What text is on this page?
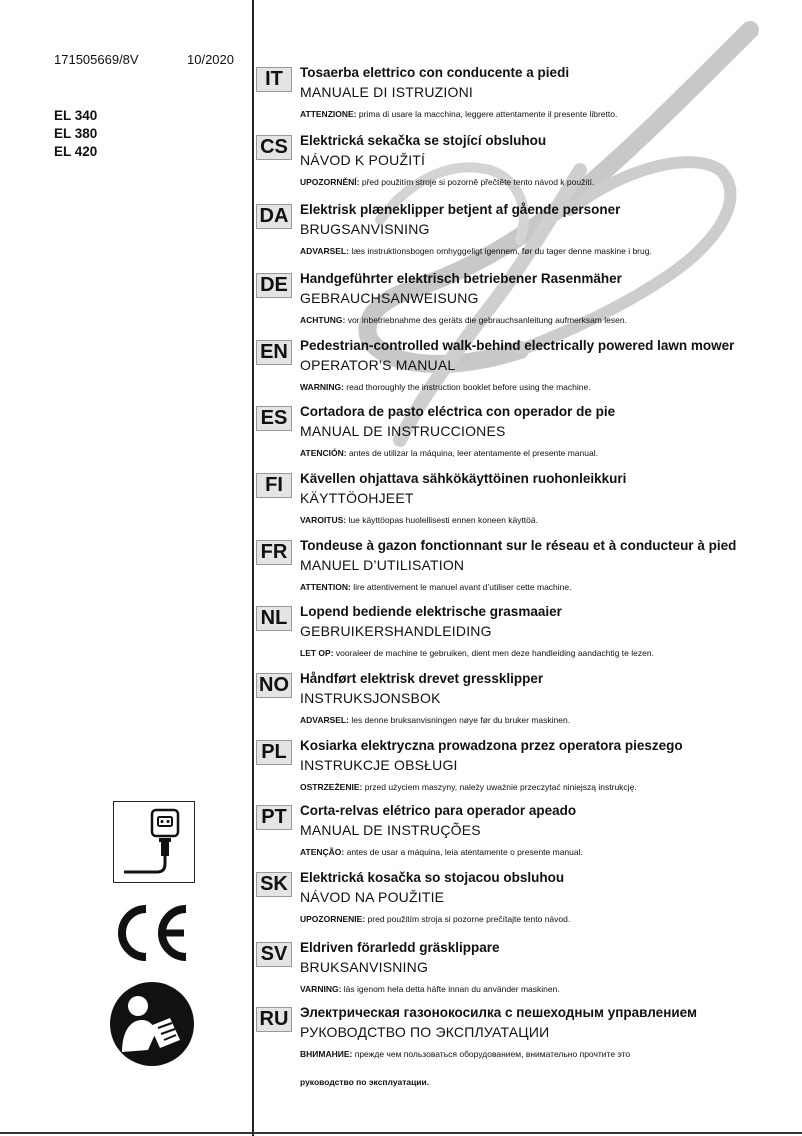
171505669/8V	10/2020
EL 340
EL 380
EL 420
IT	Tosaerba elettrico con conducente a piedi
MANUALE DI ISTRUZIONI
ATTENZIONE: prima di usare la macchina, leggere attentamente il presente libretto.
CS Elektrická sekačka se stojící obsluhou
NÁVOD K POUŽITÍ
UPOZORNĚNÍ: před použitím stroje si pozorně přečtěte tento návod k použití.
DA Elektrisk plæneklipper betjent af gående personer
BRUGSANVISNING
ADVARSEL: læs instruktionsbogen omhyggeligt igennem, før du tager denne maskine i brug.
DE Handgeführter elektrisch betriebener Rasenmäher
GEBRAUCHSANWEISUNG
ACHTUNG: vor inbetriebnahme des geräts die gebrauchsanleitung aufmerksam lesen.
EN Pedestrian-controlled walk-behind electrically powered lawn mower
OPERATOR’S MANUAL
WARNING: read thoroughly the instruction booklet before using the machine.
ES Cortadora de pasto eléctrica con operador de pie
MANUAL DE INSTRUCCIONES
ATENCIÓN: antes de utilizar la máquina, leer atentamente el presente manual.
FI	Kävellen ohjattava sähkökäyttöinen ruohonleikkuri
KÄYTTÖOHJEET
VAROITUS: lue käyttöopas huolellisesti ennen koneen käyttöä.
FR Tondeuse à gazon fonctionnant sur le réseau et à conducteur à pied
MANUEL D’UTILISATION
ATTENTION: lire attentivement le manuel avant d’utiliser cette machine.
NL Lopend bediende elektrische grasmaaier
GEBRUIKERSHANDLEIDING
LET OP: vooraleer de machine te gebruiken, dient men deze handleiding aandachtig te lezen.
NO Håndført elektrisk drevet gressklipper
INSTRUKSJONSBOK
ADVARSEL: les denne bruksanvisningen nøye før du bruker maskinen.
PL Kosiarka elektryczna prowadzona przez operatora pieszego
INSTRUKCJE OBSŁUGI
OSTRZEŻENIE: przed użyciem maszyny, należy uważnie przeczytać niniejszą instrukcję.
PT Corta-relvas elétrico para operador apeado
MANUAL DE INSTRUÇÕES
ATENÇÃO: antes de usar a máquina, leia atentamente o presente manual.
SK Elektrická kosačka so stojacou obsluhou
NÁVOD NA POUŽITIE
UPOZORNENIE: pred použitím stroja si pozorne prečítajte tento návod.
SV Eldriven förarledd gräsklippare
BRUKSANVISNING
VARNING: läs igenom hela detta häfte innan du använder maskinen.
RU Электрическая газонокосилка с пешеходным управлением
РУКОВОДСТВО ПО ЭКСПЛУАТАЦИИ
ВНИМАНИЕ: прежде чем пользоваться оборудованием, внимательно прочтите это
руководство по эксплуатации.
